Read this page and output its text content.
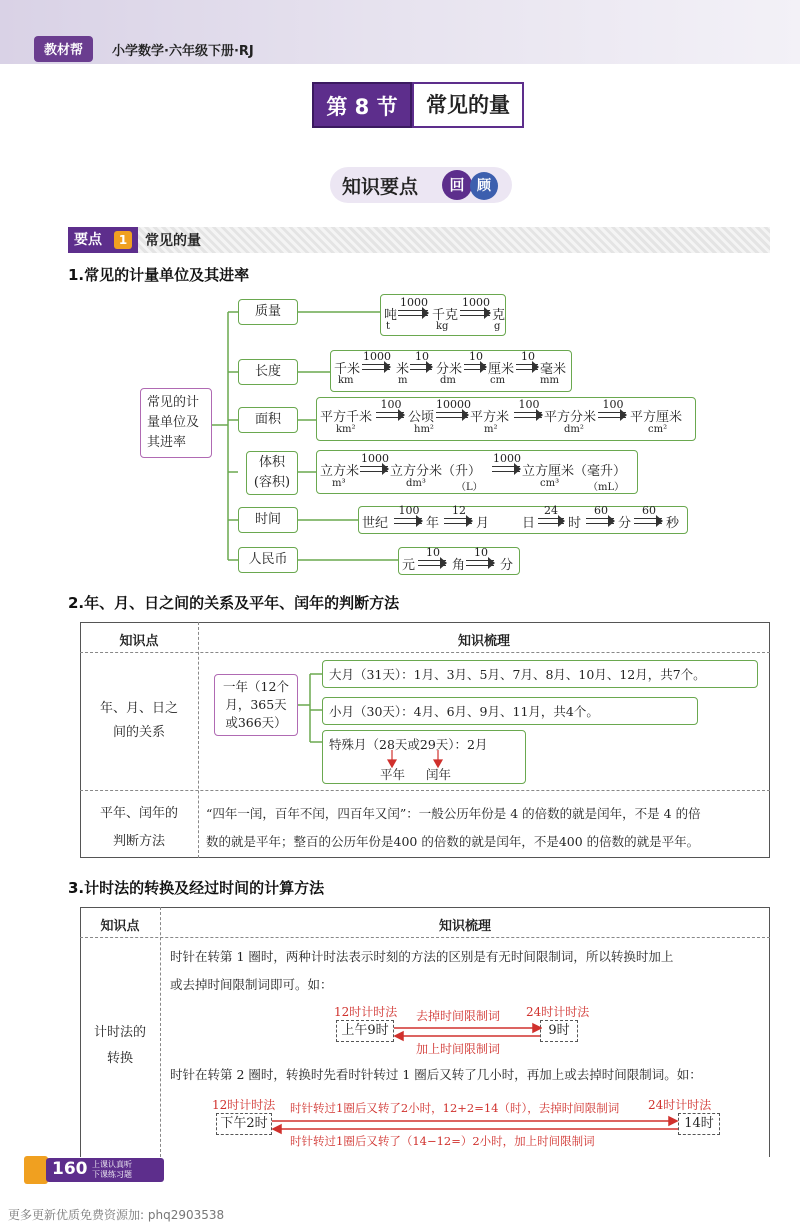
教材帮	小学数学·六年级下册·RJ
第 8 节	常见的量
知识要点	回 顾
要点	1	常见的量
1.常见的计量单位及其进率
常见的计
量单位及
其进率
质量
长度
面积
体积
(容积)
时间
人民币
吨
1000
千克
1000
克
t	kg	g
千米
1000
米
10
分米
10
厘米
10
毫米
km	m	dm	cm	mm
平方千米
100
公顷
10000
平方米
100
平方分米
100
平方厘米
km²	hm²	m²	dm²	cm²
立方米
1000
立方分米（升）
1000
立方厘米（毫升）
m³	dm³	（L）	cm³	（mL）
世纪
100
年
12
月	日
24
时
60
分
60
秒
元
10
角
10
分
2.年、月、日之间的关系及平年、闰年的判断方法
知识点	知识梳理
年、月、日之
间的关系
一年（12个
月，365天
或366天）
大月（31天）：1月、3月、5月、7月、8月、10月、12月，共7个。
小月（30天）：4月、6月、9月、11月，共4个。
特殊月（28天或29天）：2月
平年 闰年
平年、闰年的
判断方法
“四年一闰，百年不闰，四百年又闰”：一般公历年份是 4 的倍数的就是闰年，不是 4 的倍
数的就是平年；整百的公历年份是400 的倍数的就是闰年，不是400 的倍数的就是平年。
3.计时法的转换及经过时间的计算方法
知识点	知识梳理
计时法的
转换
时针在转第 1 圈时，两种计时法表示时刻的方法的区别是有无时间限制词，所以转换时加上
或去掉时间限制词即可。如：
12时计时法	24时计时法
上午9时	9时
去掉时间限制词
加上时间限制词
时针在转第 2 圈时，转换时先看时针转过 1 圈后又转了几小时，再加上或去掉时间限制词。如：
12时计时法	24时计时法
下午2时	14时
时针转过1圈后又转了2小时，12+2=14（时），去掉时间限制词
时针转过1圈后又转了（14−12=）2小时，加上时间限制词
160 上课认真听
下课练习题
更多更新优质免费资源加: phq2903538
